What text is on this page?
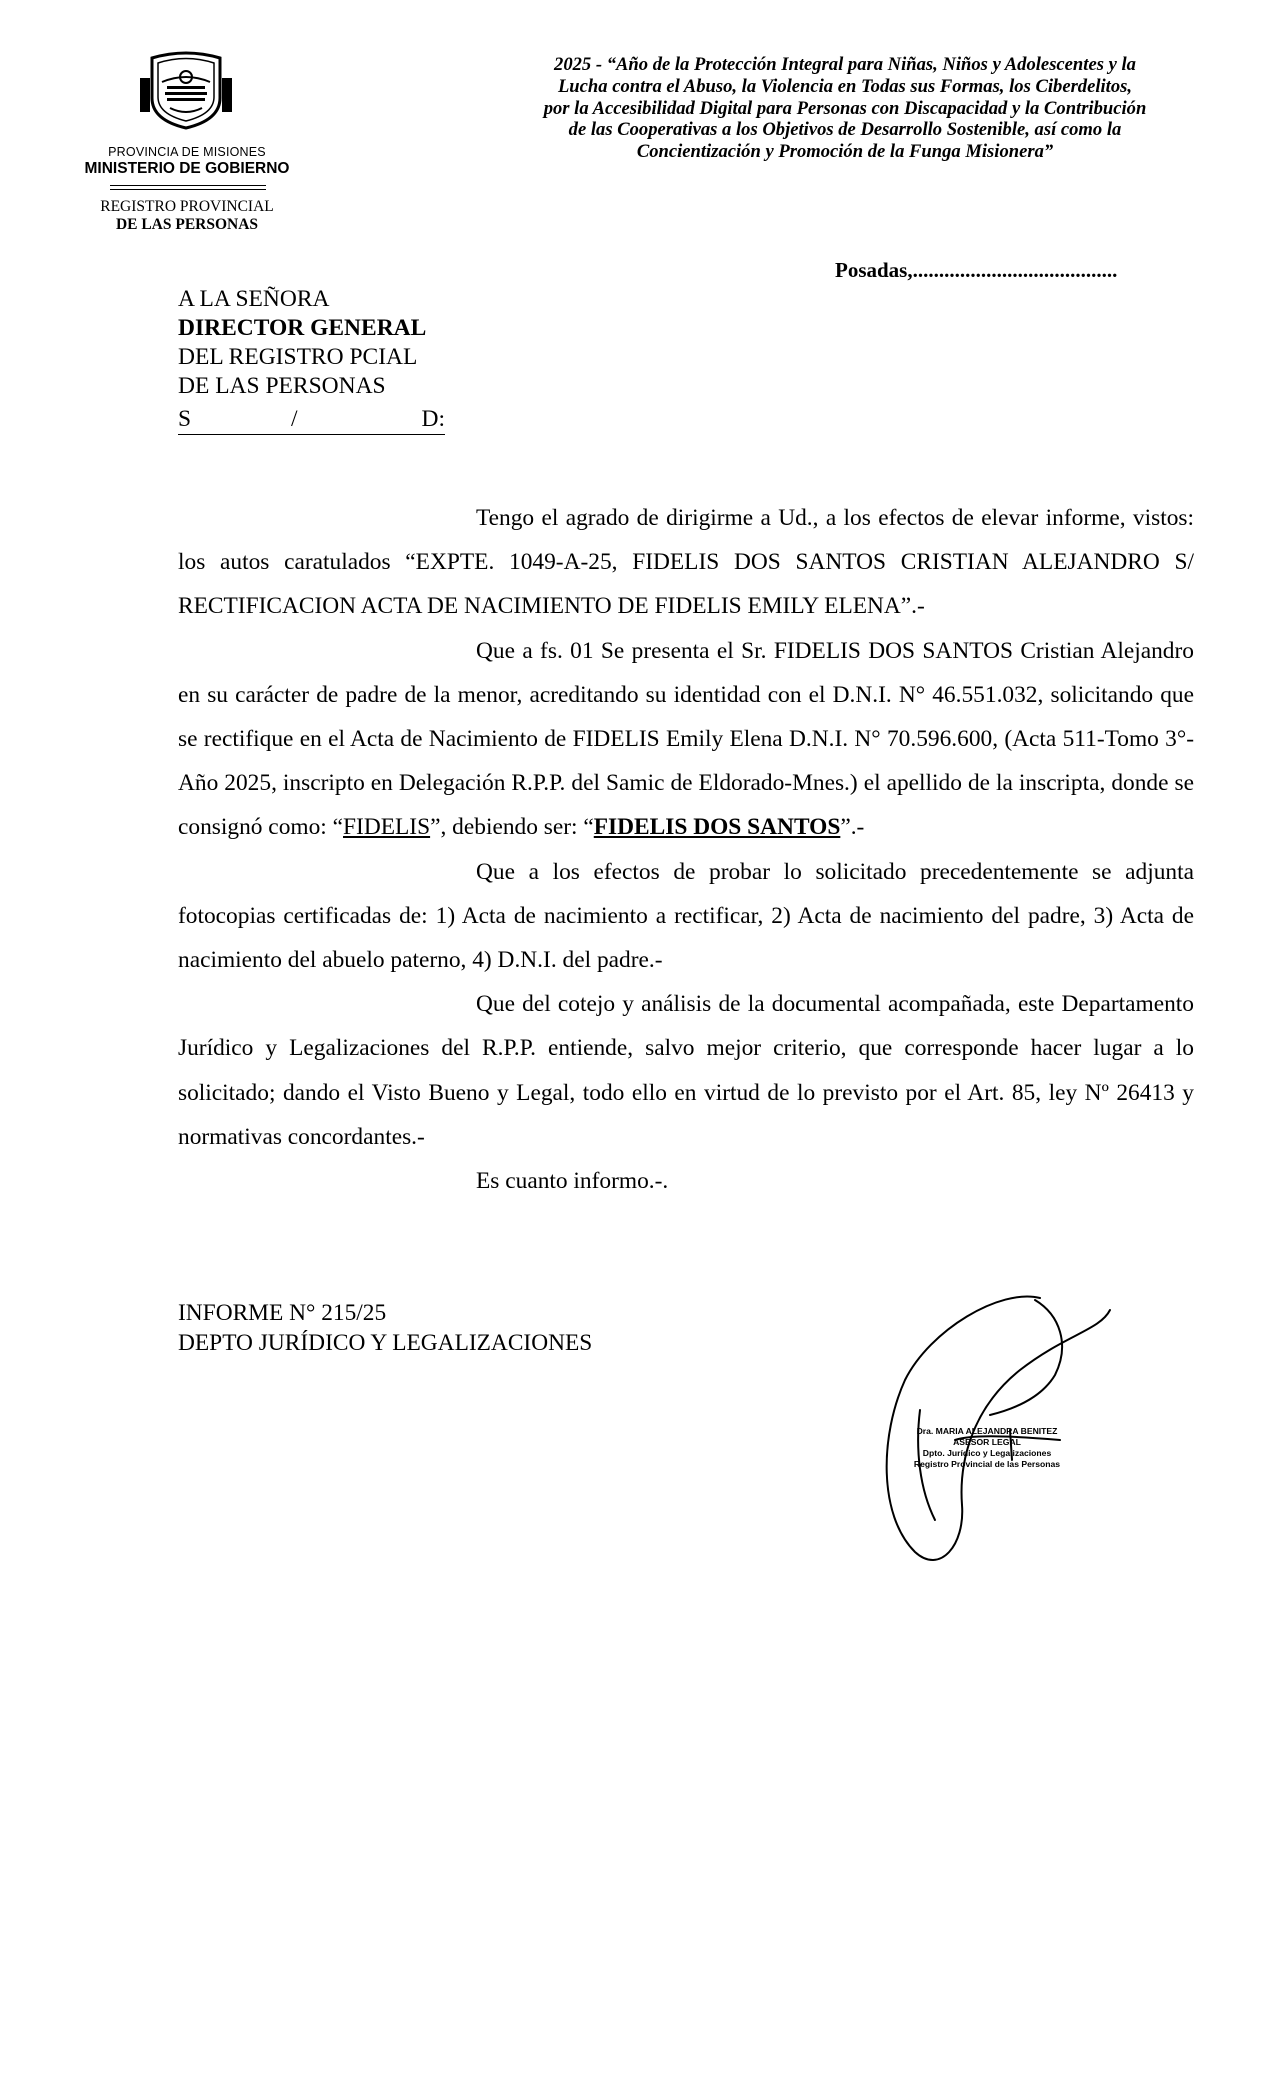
PROVINCIA DE MISIONES
MINISTERIO DE GOBIERNO
REGISTRO PROVINCIAL
DE LAS PERSONAS
2025 - “Año de la Protección Integral para Niñas, Niños y Adolescentes y la
Lucha contra el Abuso, la Violencia en Todas sus Formas, los Ciberdelitos,
por la Accesibilidad Digital para Personas con Discapacidad y la Contribución
de las Cooperativas a los Objetivos de Desarrollo Sostenible, así como la
Concientización y Promoción de la Funga Misionera”
Posadas,.......................................
A LA SEÑORA
DIRECTOR GENERAL
DEL REGISTRO PCIAL
DE LAS PERSONAS

S	/	D:

Tengo el agrado de dirigirme a Ud., a los efectos de elevar informe, vistos: los autos caratulados “EXPTE. 1049-A-25, FIDELIS DOS SANTOS CRISTIAN ALEJANDRO S/ RECTIFICACION ACTA DE NACIMIENTO DE FIDELIS EMILY ELENA”.-

Que a fs. 01 Se presenta el Sr. FIDELIS DOS SANTOS Cristian Alejandro en su carácter de padre de la menor, acreditando su identidad con el D.N.I. N° 46.551.032, solicitando que se rectifique en el Acta de Nacimiento de FIDELIS Emily Elena D.N.I. N° 70.596.600, (Acta 511-Tomo 3°-Año 2025, inscripto en Delegación R.P.P. del Samic de Eldorado-Mnes.) el apellido de la inscripta, donde se consignó como: “FIDELIS”, debiendo ser: “FIDELIS DOS SANTOS”.-

Que a los efectos de probar lo solicitado precedentemente se adjunta fotocopias certificadas de: 1) Acta de nacimiento a rectificar, 2) Acta de nacimiento del padre, 3) Acta de nacimiento del abuelo paterno, 4) D.N.I. del padre.-

Que del cotejo y análisis de la documental acompañada, este Departamento Jurídico y Legalizaciones del R.P.P. entiende, salvo mejor criterio, que corresponde hacer lugar a lo solicitado; dando el Visto Bueno y Legal, todo ello en virtud de lo previsto por el Art. 85, ley Nº 26413 y normativas concordantes.-

Es cuanto informo.-.

INFORME N° 215/25
DEPTO JURÍDICO Y LEGALIZACIONES
Dra. MARIA ALEJANDRA BENITEZ
ASESOR LEGAL
Dpto. Jurídico y Legalizaciones
Registro Provincial de las Personas
